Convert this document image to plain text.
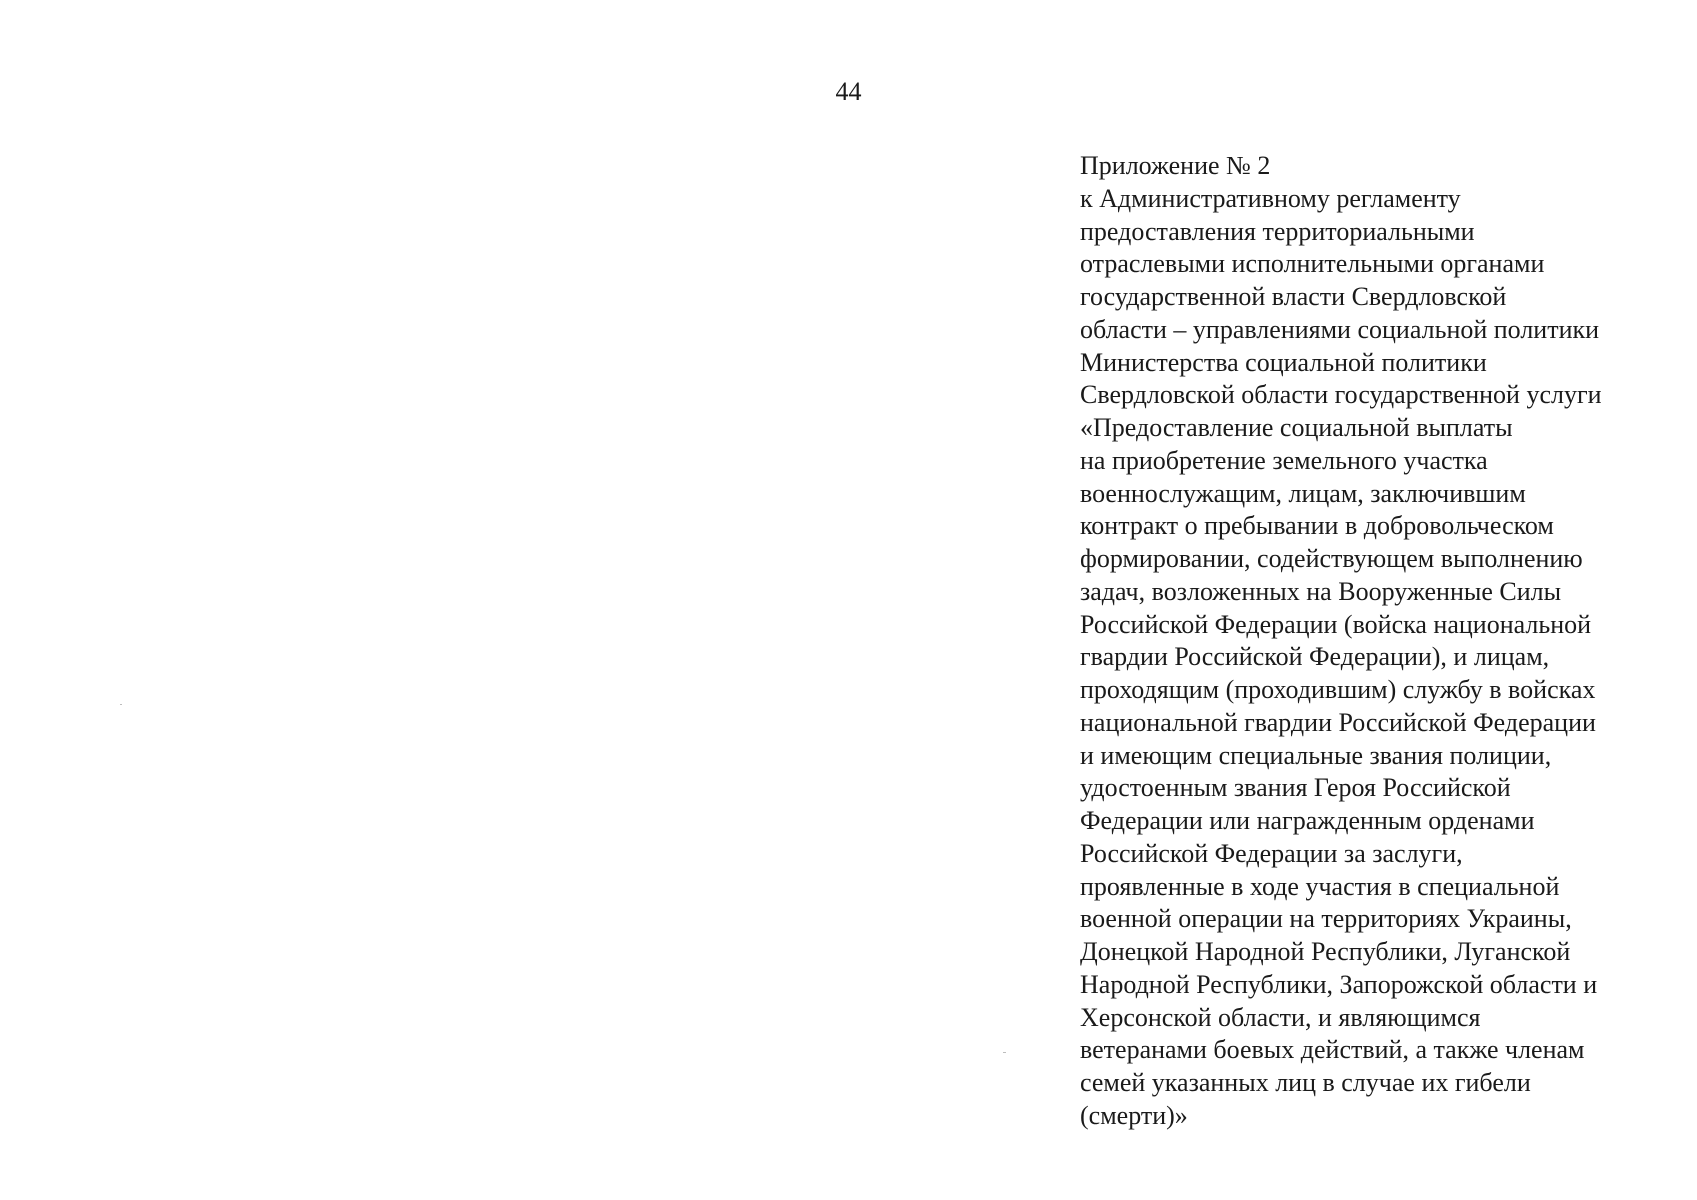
44
Приложение № 2
к Административному регламенту
предоставления территориальными
отраслевыми исполнительными органами
государственной власти Свердловской
области – управлениями социальной политики
Министерства социальной политики
Свердловской области государственной услуги
«Предоставление социальной выплаты
на приобретение земельного участка
военнослужащим, лицам, заключившим
контракт о пребывании в добровольческом
формировании, содействующем выполнению
задач, возложенных на Вооруженные Силы
Российской Федерации (войска национальной
гвардии Российской Федерации), и лицам,
проходящим (проходившим) службу в войсках
национальной гвардии Российской Федерации
и имеющим специальные звания полиции,
удостоенным звания Героя Российской
Федерации или награжденным орденами
Российской Федерации за заслуги,
проявленные в ходе участия в специальной
военной операции на территориях Украины,
Донецкой Народной Республики, Луганской
Народной Республики, Запорожской области и
Херсонской области, и являющимся
ветеранами боевых действий, а также членам
семей указанных лиц в случае их гибели
(смерти)»
